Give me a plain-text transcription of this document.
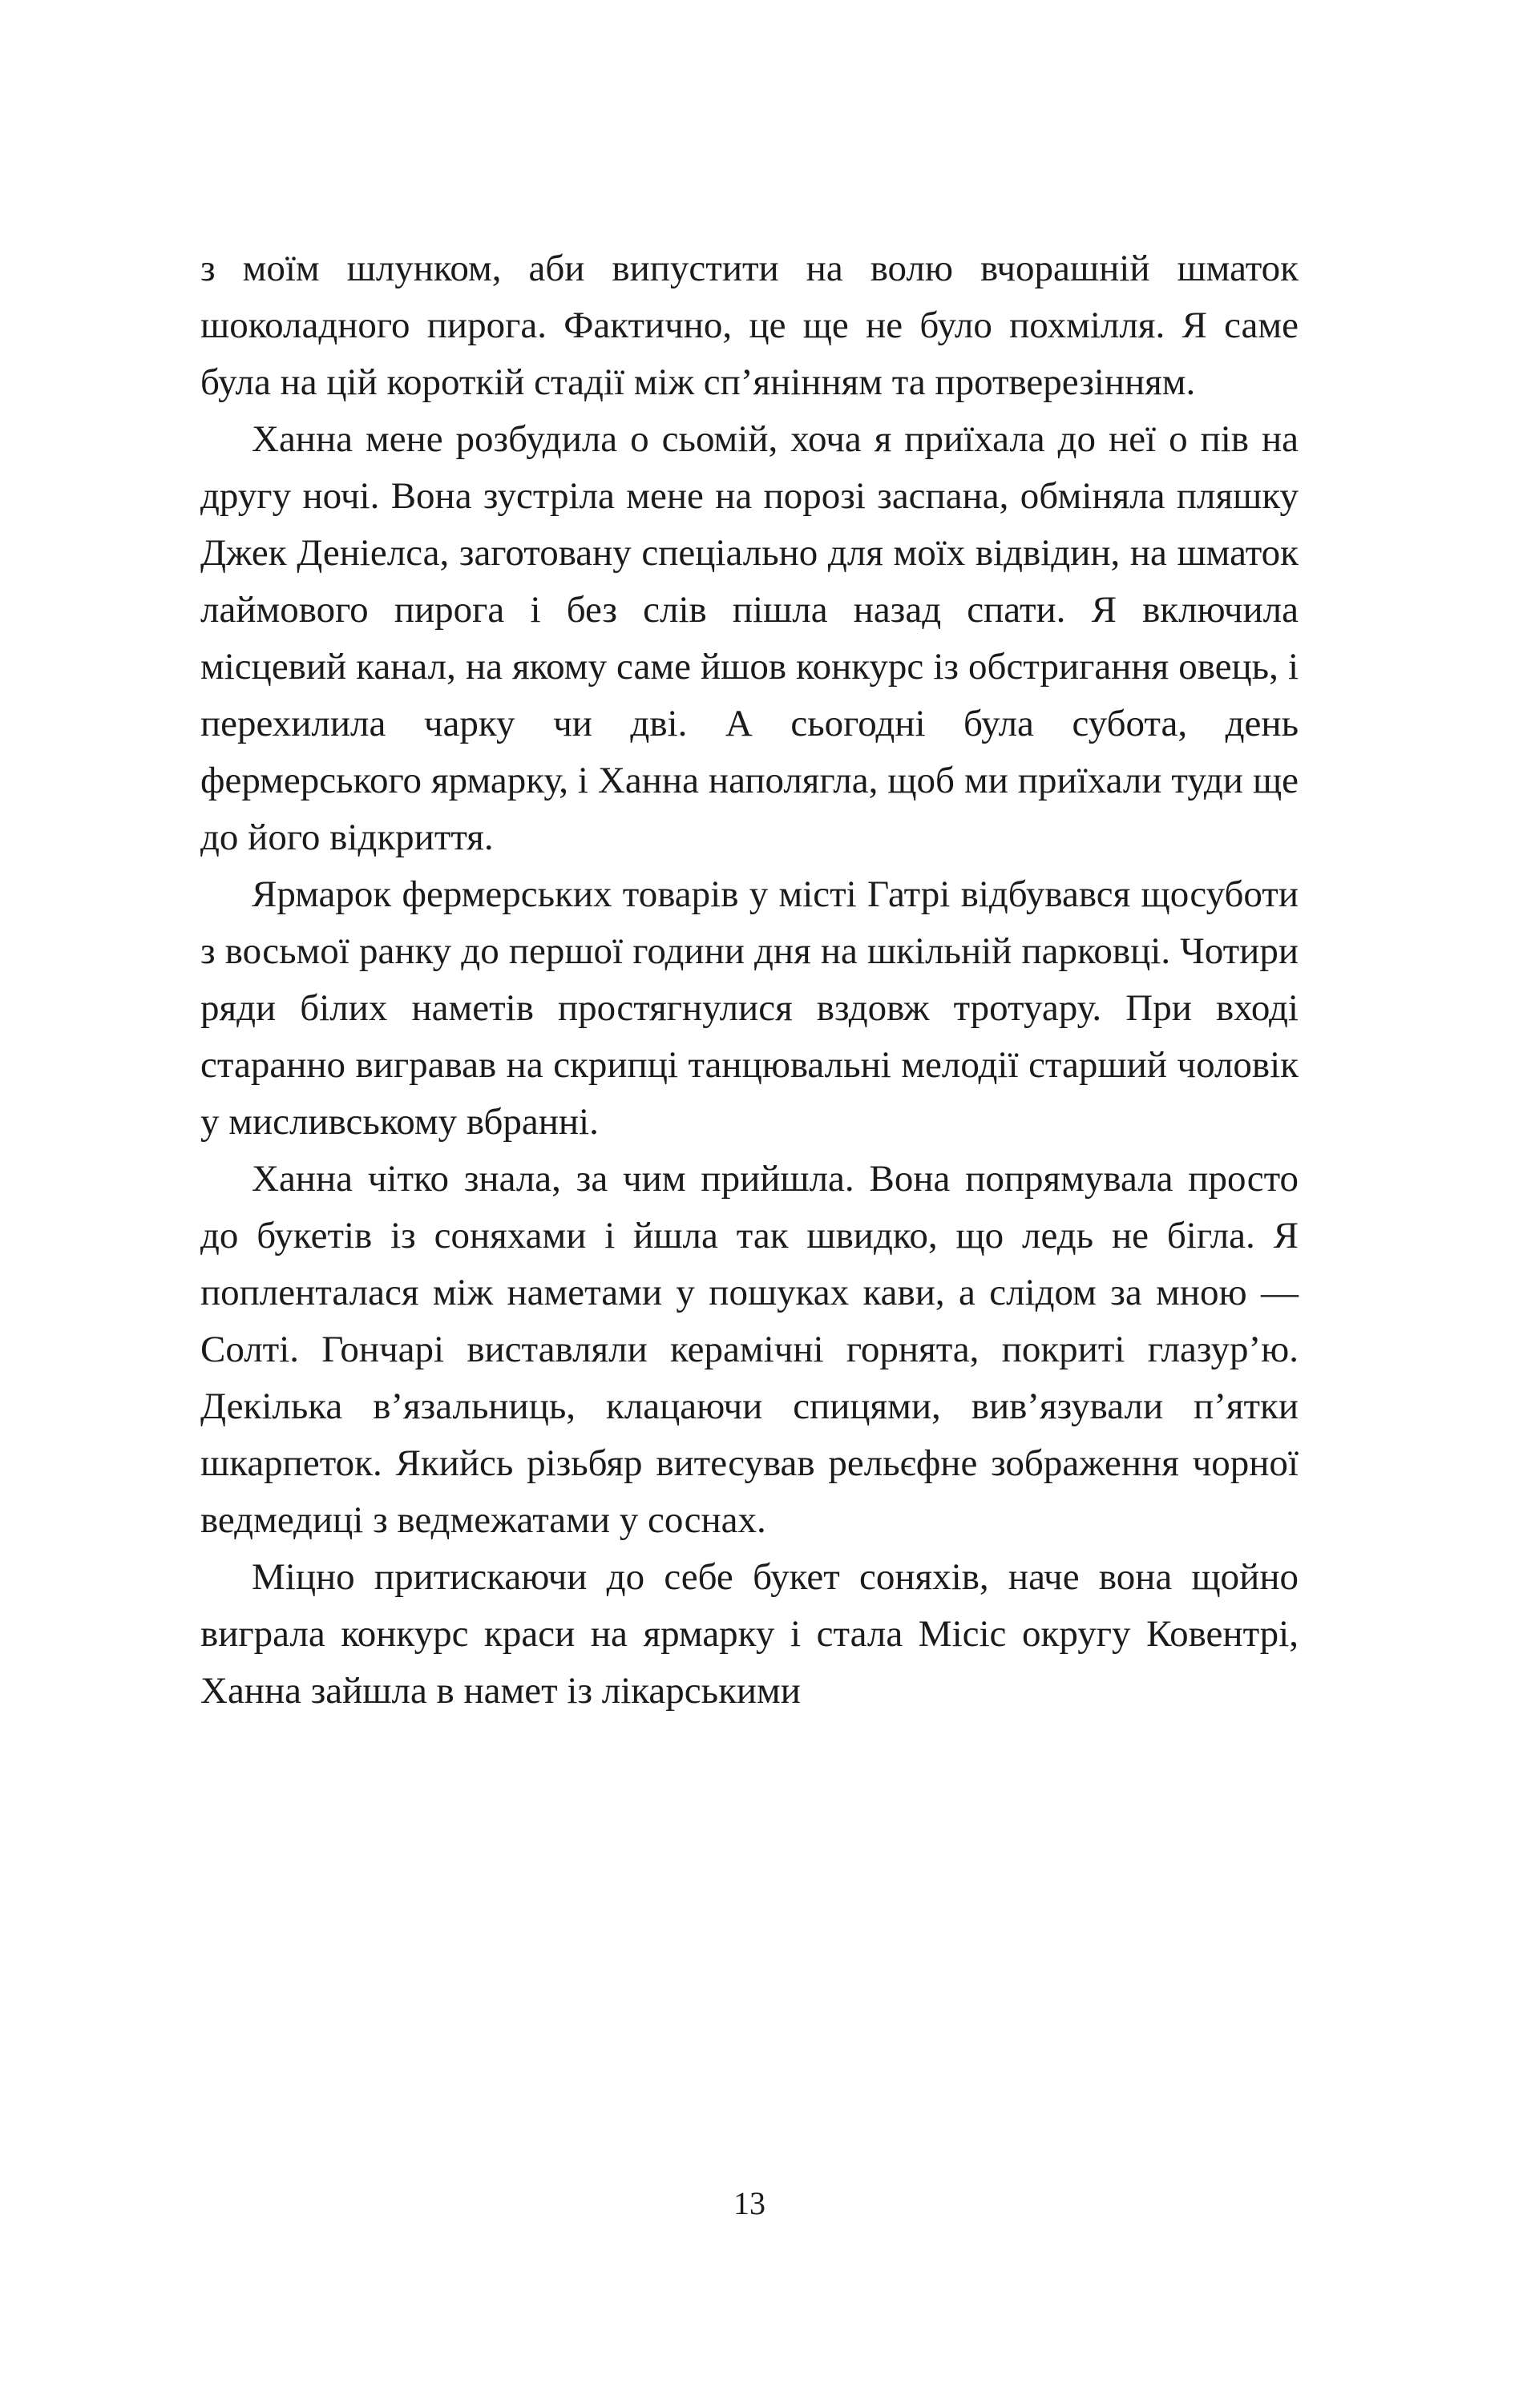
з моїм шлунком, аби випустити на волю вчорашній шматок шоколадного пирога. Фактично, це ще не було похмілля. Я саме була на цій короткій стадії між сп’янінням та протверезінням.

Ханна мене розбудила о сьомій, хоча я приїхала до неї о пів на другу ночі. Вона зустріла мене на порозі заспана, обміняла пляшку Джек Деніелса, заготовану спеціально для моїх відвідин, на шматок лаймового пирога і без слів пішла назад спати. Я включила місцевий канал, на якому саме йшов конкурс із обстригання овець, і перехилила чарку чи дві. А сьогодні була субота, день фермерського ярмарку, і Ханна наполягла, щоб ми приїхали туди ще до його відкриття.

Ярмарок фермерських товарів у місті Гатрі відбувався щосуботи з восьмої ранку до першої години дня на шкільній парковці. Чотири ряди білих наметів простягнулися вздовж тротуару. При вході старанно вигравав на скрипці танцювальні мелодії старший чоловік у мисливському вбранні.

Ханна чітко знала, за чим прийшла. Вона попрямувала просто до букетів із соняхами і йшла так швидко, що ледь не бігла. Я попленталася між наметами у пошуках кави, а слідом за мною — Солті. Гончарі виставляли керамічні горнята, покриті глазур’ю. Декілька в’язальниць, клацаючи спицями, вив’язували п’ятки шкарпеток. Якийсь різьбяр витесував рельєфне зображення чорної ведмедиці з ведмежатами у соснах.

Міцно притискаючи до себе букет соняхів, наче вона щойно виграла конкурс краси на ярмарку і стала Місіс округу Ковентрі, Ханна зайшла в намет із лікарськими

13
